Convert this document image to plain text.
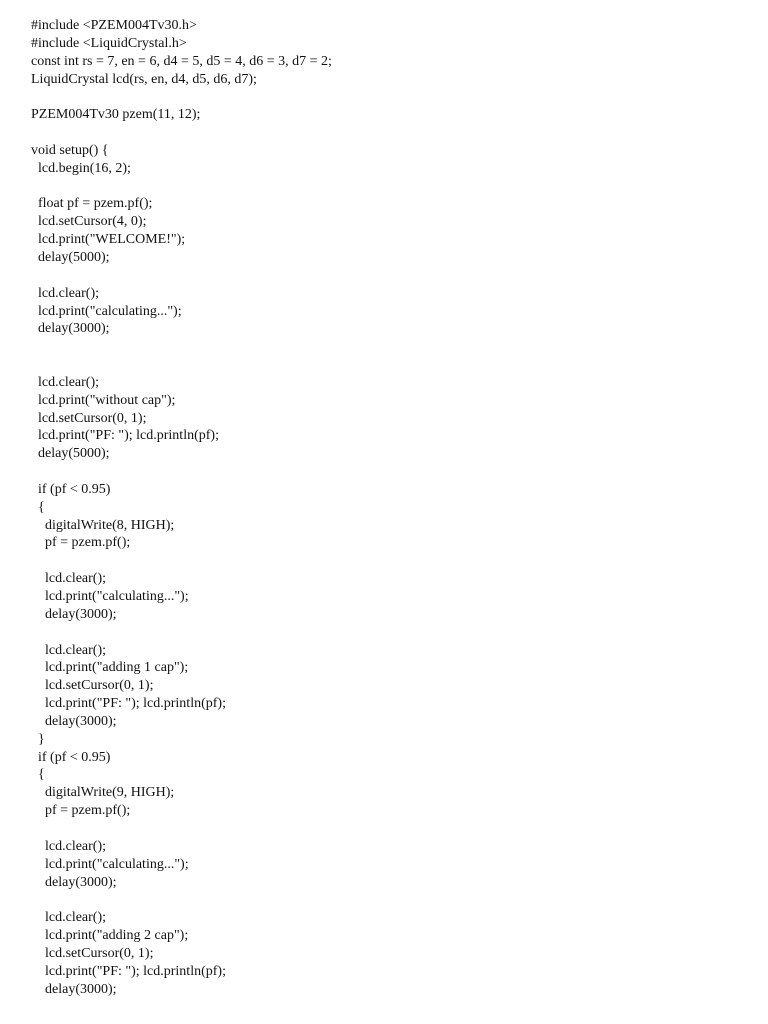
#include <PZEM004Tv30.h>
#include <LiquidCrystal.h>
const int rs = 7, en = 6, d4 = 5, d5 = 4, d6 = 3, d7 = 2;
LiquidCrystal lcd(rs, en, d4, d5, d6, d7);
PZEM004Tv30 pzem(11, 12);
void setup() {
lcd.begin(16, 2);
float pf = pzem.pf();
lcd.setCursor(4, 0);
lcd.print("WELCOME!");
delay(5000);
lcd.clear();
lcd.print("calculating...");
delay(3000);
lcd.clear();
lcd.print("without cap");
lcd.setCursor(0, 1);
lcd.print("PF: "); lcd.println(pf);
delay(5000);
if (pf < 0.95)
{
digitalWrite(8, HIGH);
pf = pzem.pf();
lcd.clear();
lcd.print("calculating...");
delay(3000);
lcd.clear();
lcd.print("adding 1 cap");
lcd.setCursor(0, 1);
lcd.print("PF: "); lcd.println(pf);
delay(3000);
}
if (pf < 0.95)
{
digitalWrite(9, HIGH);
pf = pzem.pf();
lcd.clear();
lcd.print("calculating...");
delay(3000);
lcd.clear();
lcd.print("adding 2 cap");
lcd.setCursor(0, 1);
lcd.print("PF: "); lcd.println(pf);
delay(3000);
